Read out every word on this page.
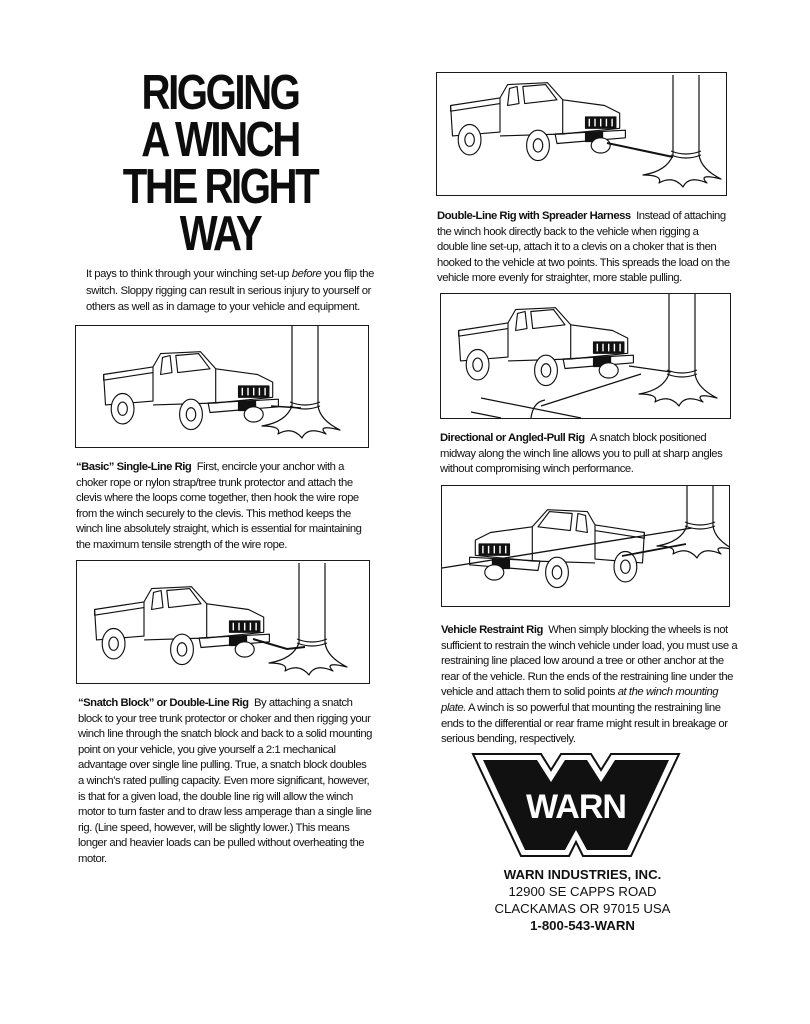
RIGGING
A WINCH
THE RIGHT
WAY
It pays to think through your winching set-up before you flip the switch. Sloppy rigging can result in serious injury to yourself or others as well as in damage to your vehicle and equipment.
“Basic” Single-Line Rig First, encircle your anchor with a choker rope or nylon strap/tree trunk protector and attach the clevis where the loops come together, then hook the wire rope from the winch securely to the clevis. This method keeps the winch line absolutely straight, which is essential for maintaining the maximum tensile strength of the wire rope.
“Snatch Block” or Double-Line Rig By attaching a snatch block to your tree trunk protector or choker and then rigging your winch line through the snatch block and back to a solid mounting point on your vehicle, you give yourself a 2:1 mechanical advantage over single line pulling. True, a snatch block doubles a winch’s rated pulling capacity. Even more significant, however, is that for a given load, the double line rig will allow the winch motor to turn faster and to draw less amperage than a single line rig. (Line speed, however, will be slightly lower.) This means longer and heavier loads can be pulled without overheating the motor.
Double-Line Rig with Spreader Harness Instead of attaching the winch hook directly back to the vehicle when rigging a double line set-up, attach it to a clevis on a choker that is then hooked to the vehicle at two points. This spreads the load on the vehicle more evenly for straighter, more stable pulling.
Directional or Angled-Pull Rig A snatch block positioned midway along the winch line allows you to pull at sharp angles without compromising winch performance.
Vehicle Restraint Rig When simply blocking the wheels is not sufficient to restrain the winch vehicle under load, you must use a restraining line placed low around a tree or other anchor at the rear of the vehicle. Run the ends of the restraining line under the vehicle and attach them to solid points at the winch mounting plate. A winch is so powerful that mounting the restraining line ends to the differential or rear frame might result in breakage or serious bending, respectively.
WARN
WARN INDUSTRIES, INC.
12900 SE CAPPS ROAD
CLACKAMAS OR 97015 USA
1-800-543-WARN
